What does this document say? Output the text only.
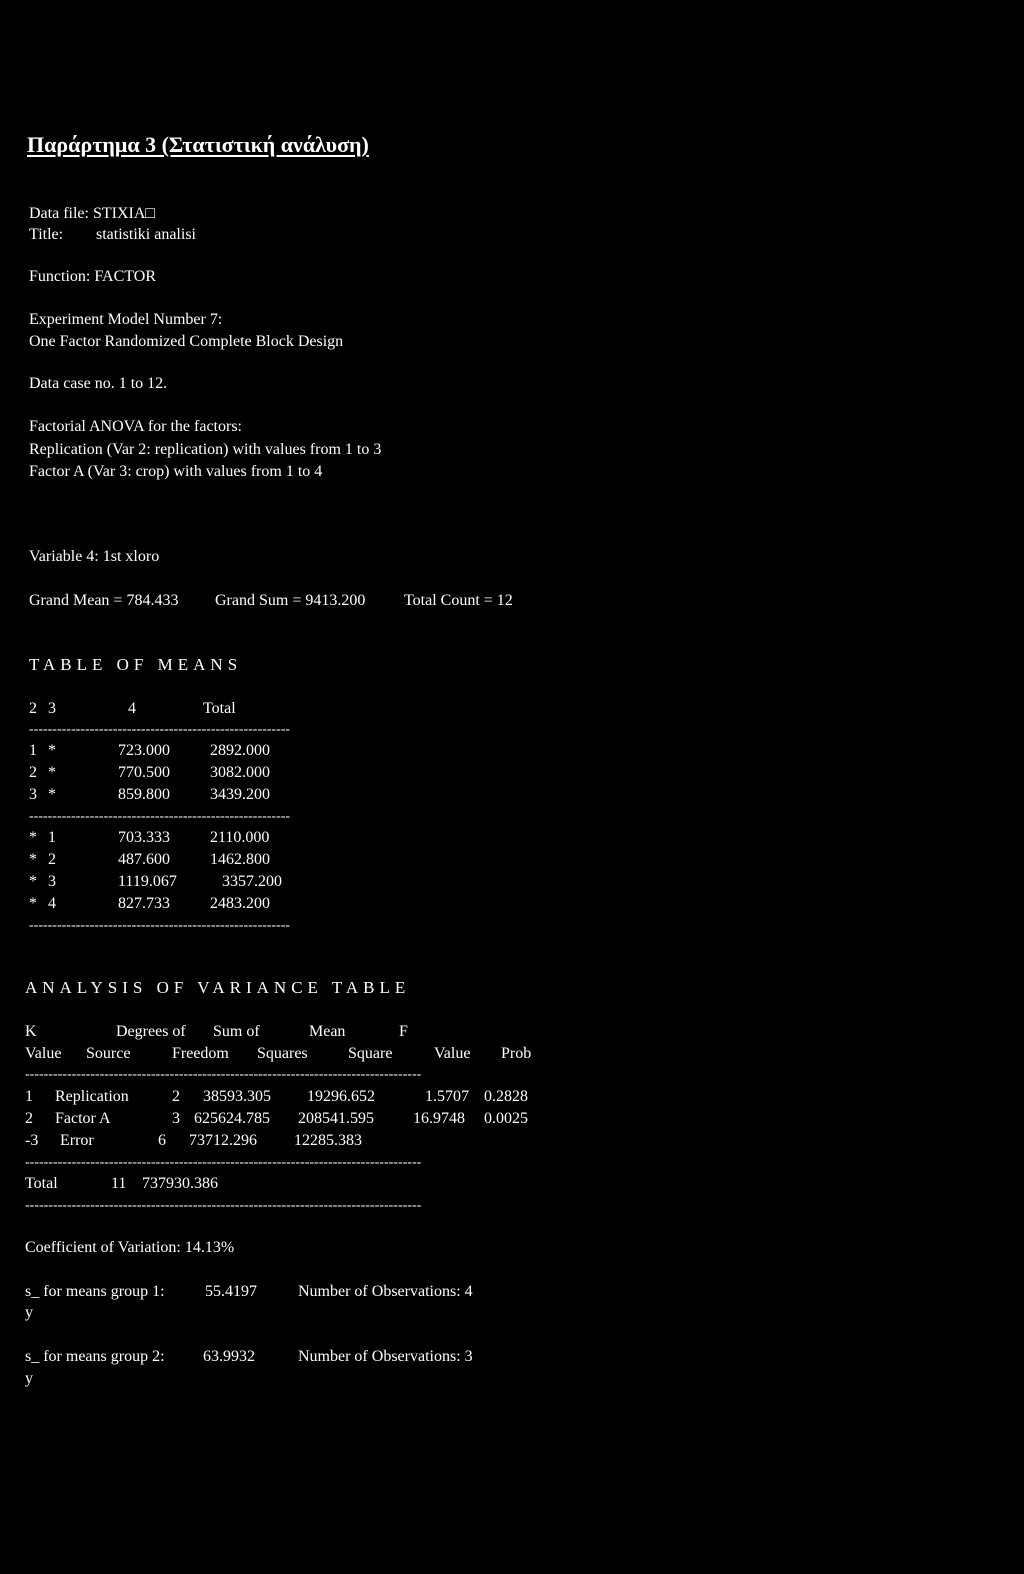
Παράρτημα 3 (Στατιστική ανάλυση)
Data file: STIXIA□
Title: statistiki analisi
Function: FACTOR
Experiment Model Number 7:
One Factor Randomized Complete Block Design
Data case no. 1 to 12.
Factorial ANOVA for the factors:
Replication (Var 2: replication) with values from 1 to 3
Factor A (Var 3: crop) with values from 1 to 4
Variable 4: 1st xloro
Grand Mean = 784.433 Grand Sum = 9413.200 Total Count = 12
TABLE OF MEANS
2 3	4	Total
--------------------------------------------------------
1 *	723.000	2892.000
2 *	770.500	3082.000
3 *	859.800	3439.200
--------------------------------------------------------
* 1	703.333	2110.000
* 2	487.600	1462.800
* 3	1119.067	3357.200
* 4	827.733	2483.200
--------------------------------------------------------
ANALYSIS OF VARIANCE TABLE
K	Degrees of Sum of	Mean	F
Value Source	Freedom Squares	Square	Value Prob
-------------------------------------------------------------------------------------
1 Replication	2 38593.305 19296.652	1.5707 0.2828
2 Factor A	3 625624.785 208541.595 16.9748 0.0025
-3 Error	6 73712.296 12285.383
-------------------------------------------------------------------------------------
Total	11 737930.386
-------------------------------------------------------------------------------------
Coefficient of Variation: 14.13%
s_ for means group 1:	55.4197	Number of Observations: 4
y
s_ for means group 2: 63.9932	Number of Observations: 3
y
